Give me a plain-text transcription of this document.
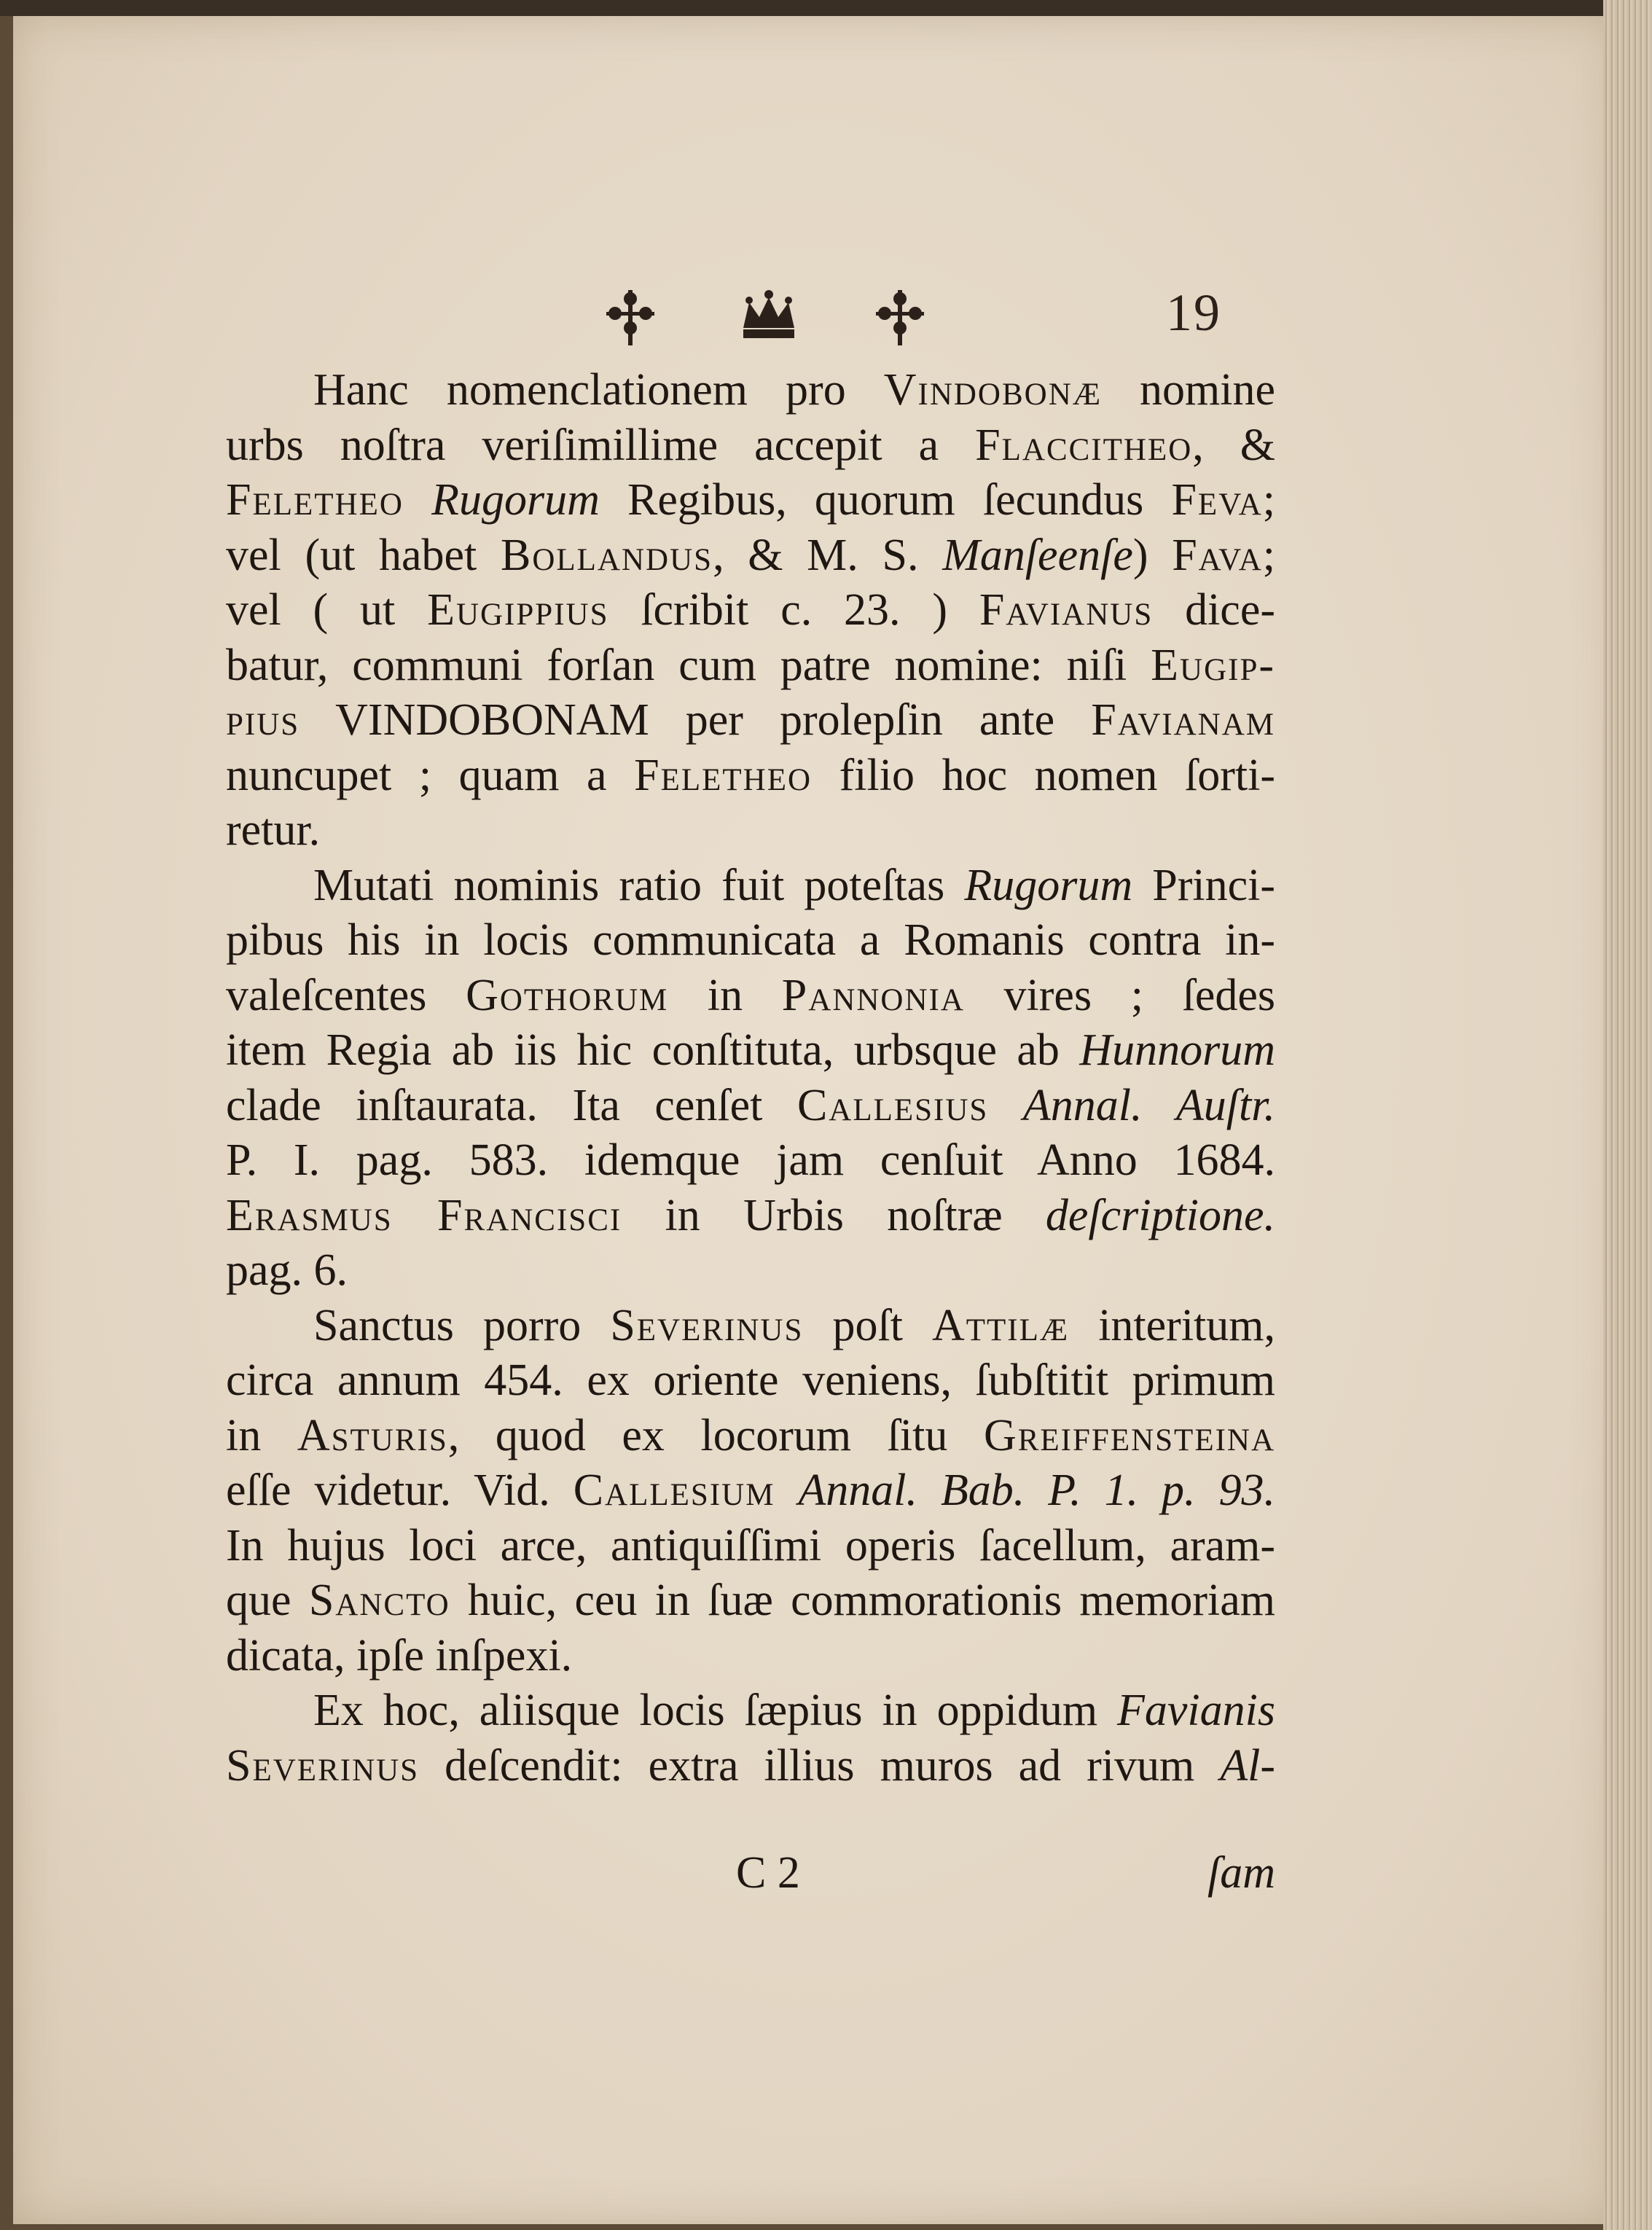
19
Hanc nomenclationem pro Vindobonæ nomine
urbs noſtra veriſimillime accepit a Flacciτheo, &
Feletheo Rugorum Regibus, quorum ſecundus Feva;
vel (ut habet Bollandus, & M. S. Manſeenſe) Fava;
vel ( ut Eugippius ſcribit c. 23. ) Favianus dice-
batur, communi forſan cum patre nomine: niſi Eugip-
pius VINDOBONAM per prolepſin ante Favianam
nuncupet ; quam a Feletheo filio hoc nomen ſorti-
retur.
Mutati nominis ratio fuit poteſtas Rugorum Princi-
pibus his in locis communicata a Romanis contra in-
valeſcentes Gothorum in Pannonia vires ; ſedes
item Regia ab iis hic conſtituta, urbsque ab Hunnorum
clade inſtaurata. Ita cenſet Callesius Annal. Auſtr.
P. I. pag. 583. idemque jam cenſuit Anno 1684.
Erasmus Francisci in Urbis noſtræ deſcriptione.
pag. 6.
Sanctus porro Severinus poſt Attilæ interitum,
circa annum 454. ex oriente veniens, ſubſtitit primum
in Asturis, quod ex locorum ſitu Greiffensteina
eſſe videtur. Vid. Callesium Annal. Bab. P. 1. p. 93.
In hujus loci arce, antiquiſſimi operis ſacellum, aram-
que Sancto huic, ceu in ſuæ commorationis memoriam
dicata, ipſe inſpexi.
Ex hoc, aliisque locis ſæpius in oppidum Favianis
Severinus deſcendit: extra illius muros ad rivum Al-
C 2	ſam
